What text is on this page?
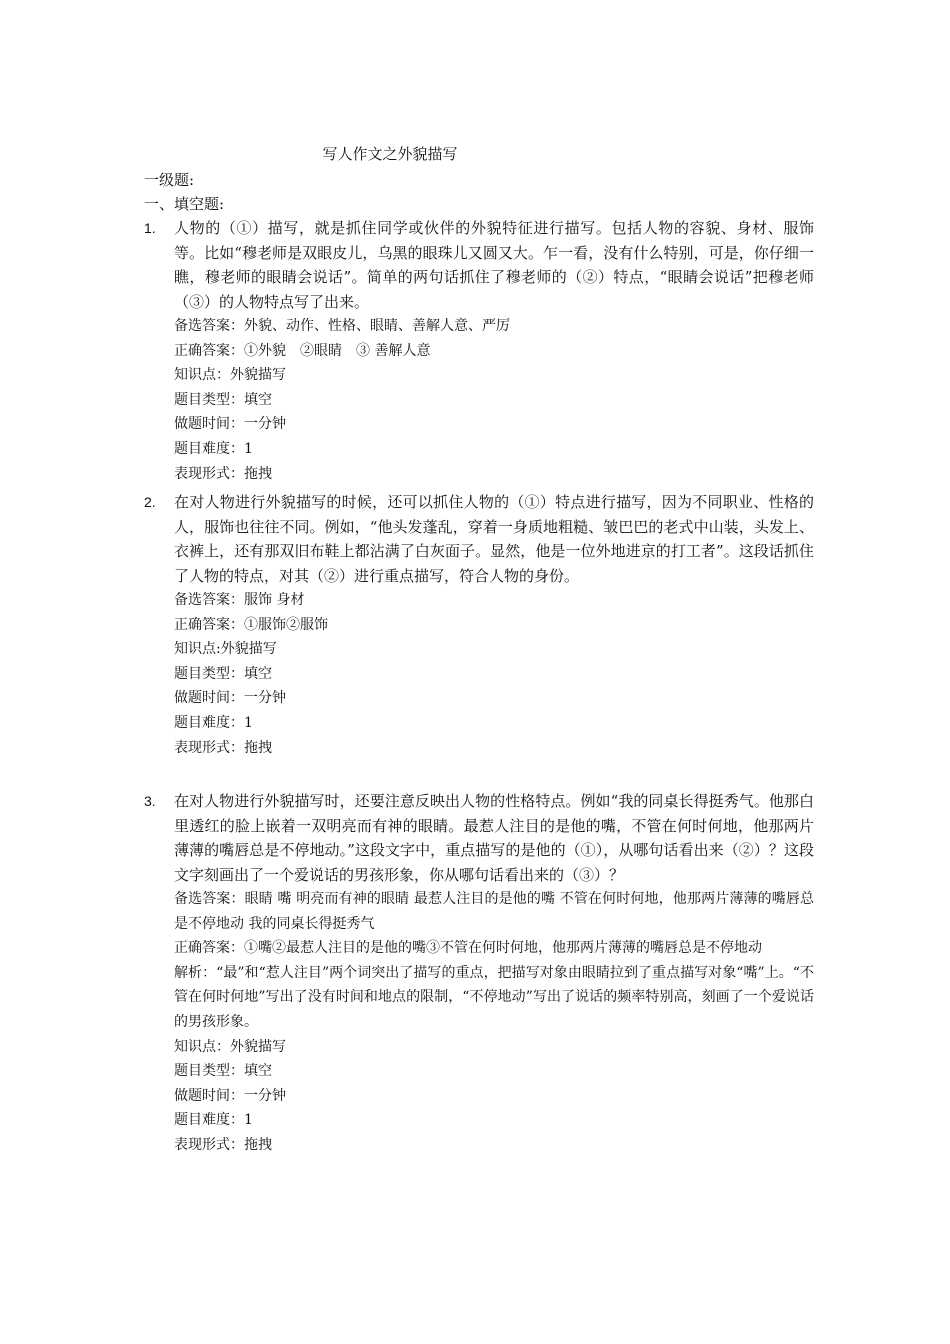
写人作文之外貌描写
一级题:
一、填空题:
1.	人物的（①）描写，就是抓住同学或伙伴的外貌特征进行描写。包括人物的容貌、身材、服饰等。比如“穆老师是双眼皮儿，乌黑的眼珠儿又圆又大。乍一看，没有什么特别，可是，你仔细一瞧，穆老师的眼睛会说话”。简单的两句话抓住了穆老师的（②）特点，“眼睛会说话”把穆老师（③）的人物特点写了出来。

备选答案：外貌、动作、性格、眼睛、善解人意、严厉

正确答案：①外貌　②眼睛　③ 善解人意

知识点：外貌描写

题目类型：填空

做题时间：一分钟

题目难度：1

表现形式：拖拽

2.	在对人物进行外貌描写的时候，还可以抓住人物的（①）特点进行描写，因为不同职业、性格的人，服饰也往往不同。例如，“他头发蓬乱，穿着一身质地粗糙、皱巴巴的老式中山装，头发上、衣裤上，还有那双旧布鞋上都沾满了白灰面子。显然，他是一位外地进京的打工者”。这段话抓住了人物的特点，对其（②）进行重点描写，符合人物的身份。

备选答案：服饰 身材

正确答案：①服饰②服饰

知识点:外貌描写

题目类型：填空

做题时间：一分钟

题目难度：1

表现形式：拖拽

3.	在对人物进行外貌描写时，还要注意反映出人物的性格特点。例如“我的同桌长得挺秀气。他那白里透红的脸上嵌着一双明亮而有神的眼睛。最惹人注目的是他的嘴，不管在何时何地，他那两片薄薄的嘴唇总是不停地动。”这段文字中，重点描写的是他的（①），从哪句话看出来（②）？这段文字刻画出了一个爱说话的男孩形象，你从哪句话看出来的（③）？

备选答案：眼睛 嘴 明亮而有神的眼睛 最惹人注目的是他的嘴 不管在何时何地，他那两片薄薄的嘴唇总是不停地动 我的同桌长得挺秀气

正确答案：①嘴②最惹人注目的是他的嘴③不管在何时何地，他那两片薄薄的嘴唇总是不停地动

解析：“最”和“惹人注目”两个词突出了描写的重点，把描写对象由眼睛拉到了重点描写对象“嘴”上。“不管在何时何地”写出了没有时间和地点的限制，“不停地动”写出了说话的频率特别高，刻画了一个爱说话的男孩形象。

知识点：外貌描写

题目类型：填空

做题时间：一分钟

题目难度：1

表现形式：拖拽
